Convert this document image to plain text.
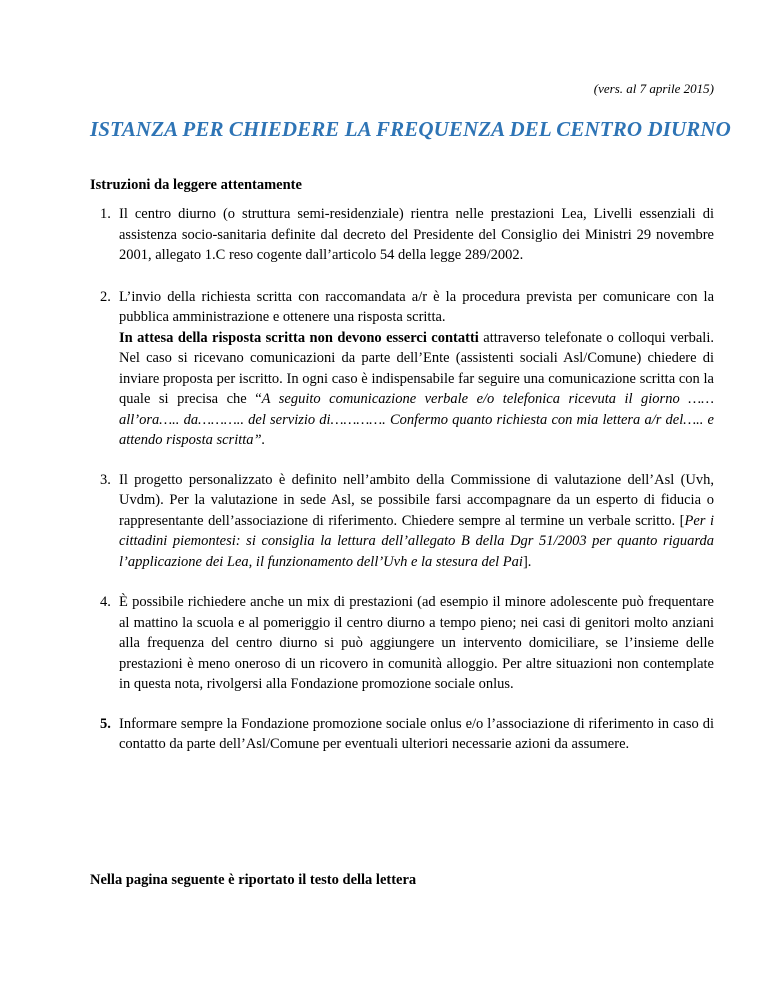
(vers. al 7 aprile 2015)
ISTANZA PER CHIEDERE LA FREQUENZA DEL CENTRO DIURNO
Istruzioni da leggere attentamente
1. Il centro diurno (o struttura semi-residenziale) rientra nelle prestazioni Lea, Livelli essenziali di assistenza socio-sanitaria definite dal decreto del Presidente del Consiglio dei Ministri 29 novembre 2001, allegato 1.C reso cogente dall’articolo 54 della legge 289/2002.
2. L’invio della richiesta scritta con raccomandata a/r è la procedura prevista per comunicare con la pubblica amministrazione e ottenere una risposta scritta.
In attesa della risposta scritta non devono esserci contatti attraverso telefonate o colloqui verbali. Nel caso si ricevano comunicazioni da parte dell’Ente (assistenti sociali Asl/Comune) chiedere di inviare proposta per iscritto. In ogni caso è indispensabile far seguire una comunicazione scritta con la quale si precisa che “A seguito comunicazione verbale e/o telefonica ricevuta il giorno …… all’ora….. da……….. del servizio di…………. Confermo quanto richiesta con mia lettera a/r del….. e attendo risposta scritta”.
3. Il progetto personalizzato è definito nell’ambito della Commissione di valutazione dell’Asl (Uvh, Uvdm). Per la valutazione in sede Asl, se possibile farsi accompagnare da un esperto di fiducia o rappresentante dell’associazione di riferimento. Chiedere sempre al termine un verbale scritto. [Per i cittadini piemontesi: si consiglia la lettura dell’allegato B della Dgr 51/2003 per quanto riguarda l’applicazione dei Lea, il funzionamento dell’Uvh e la stesura del Pai].
4. È possibile richiedere anche un mix di prestazioni (ad esempio il minore adolescente può frequentare al mattino la scuola e al pomeriggio il centro diurno a tempo pieno; nei casi di genitori molto anziani alla frequenza del centro diurno si può aggiungere un intervento domiciliare, se l’insieme delle prestazioni è meno oneroso di un ricovero in comunità alloggio. Per altre situazioni non contemplate in questa nota, rivolgersi alla Fondazione promozione sociale onlus.
5. Informare sempre la Fondazione promozione sociale onlus e/o l’associazione di riferimento in caso di contatto da parte dell’Asl/Comune per eventuali ulteriori necessarie azioni da assumere.
Nella pagina seguente è riportato il testo della lettera
